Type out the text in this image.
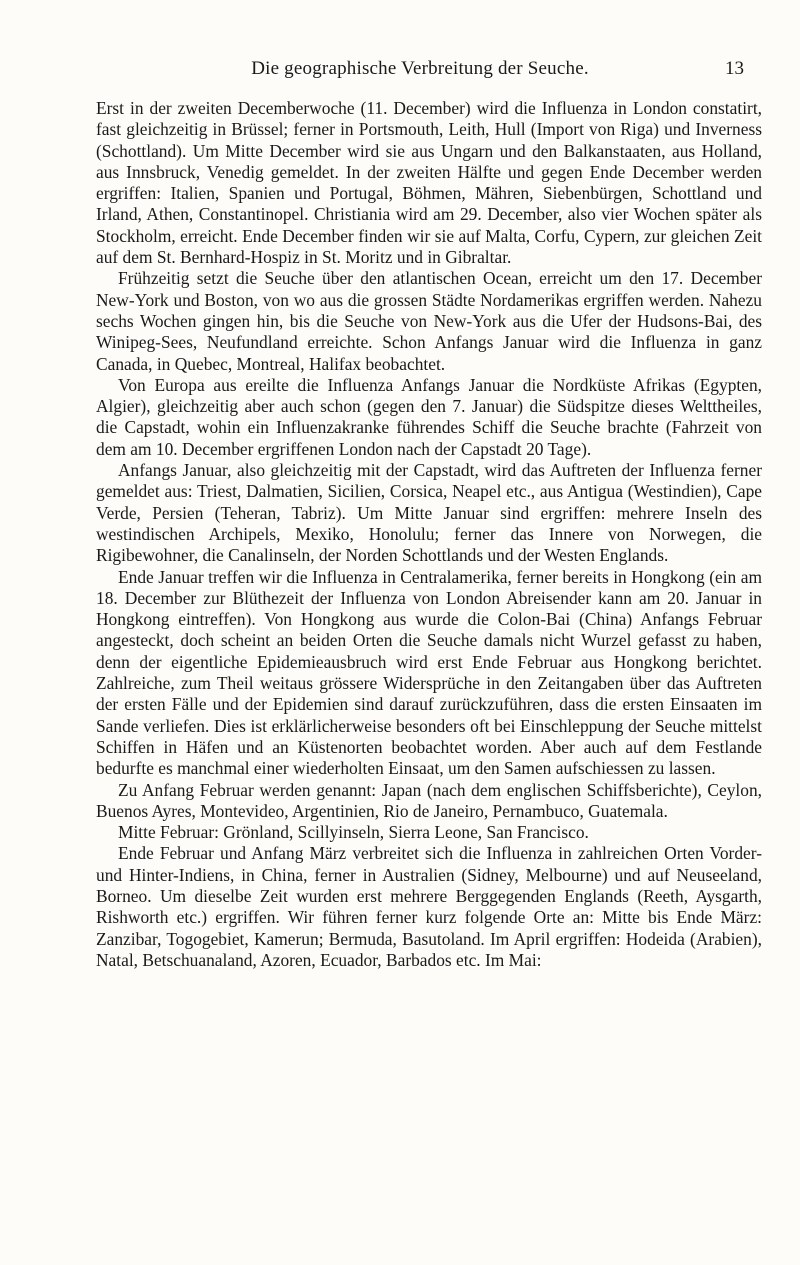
Die geographische Verbreitung der Seuche.	13

Erst in der zweiten Decemberwoche (11. December) wird die Influenza in London constatirt, fast gleichzeitig in Brüssel; ferner in Portsmouth, Leith, Hull (Import von Riga) und Inverness (Schottland). Um Mitte December wird sie aus Ungarn und den Balkanstaaten, aus Holland, aus Innsbruck, Venedig gemeldet. In der zweiten Hälfte und gegen Ende December werden ergriffen: Italien, Spanien und Portugal, Böhmen, Mähren, Siebenbürgen, Schottland und Irland, Athen, Constantinopel. Christiania wird am 29. December, also vier Wochen später als Stockholm, erreicht. Ende December finden wir sie auf Malta, Corfu, Cypern, zur gleichen Zeit auf dem St. Bernhard-Hospiz in St. Moritz und in Gibraltar.

Frühzeitig setzt die Seuche über den atlantischen Ocean, erreicht um den 17. December New-York und Boston, von wo aus die grossen Städte Nordamerikas ergriffen werden. Nahezu sechs Wochen gingen hin, bis die Seuche von New-York aus die Ufer der Hudsons-Bai, des Winipeg-Sees, Neufundland erreichte. Schon Anfangs Januar wird die Influenza in ganz Canada, in Quebec, Montreal, Halifax beobachtet.

Von Europa aus ereilte die Influenza Anfangs Januar die Nordküste Afrikas (Egypten, Algier), gleichzeitig aber auch schon (gegen den 7. Januar) die Südspitze dieses Welttheiles, die Capstadt, wohin ein Influenzakranke führendes Schiff die Seuche brachte (Fahrzeit von dem am 10. December ergriffenen London nach der Capstadt 20 Tage).

Anfangs Januar, also gleichzeitig mit der Capstadt, wird das Auftreten der Influenza ferner gemeldet aus: Triest, Dalmatien, Sicilien, Corsica, Neapel etc., aus Antigua (Westindien), Cape Verde, Persien (Teheran, Tabriz). Um Mitte Januar sind ergriffen: mehrere Inseln des westindischen Archipels, Mexiko, Honolulu; ferner das Innere von Norwegen, die Rigibewohner, die Canalinseln, der Norden Schottlands und der Westen Englands.

Ende Januar treffen wir die Influenza in Centralamerika, ferner bereits in Hongkong (ein am 18. December zur Blüthezeit der Influenza von London Abreisender kann am 20. Januar in Hongkong eintreffen). Von Hongkong aus wurde die Colon-Bai (China) Anfangs Februar angesteckt, doch scheint an beiden Orten die Seuche damals nicht Wurzel gefasst zu haben, denn der eigentliche Epidemieausbruch wird erst Ende Februar aus Hongkong berichtet. Zahlreiche, zum Theil weitaus grössere Widersprüche in den Zeitangaben über das Auftreten der ersten Fälle und der Epidemien sind darauf zurückzuführen, dass die ersten Einsaaten im Sande verliefen. Dies ist erklärlicherweise besonders oft bei Einschleppung der Seuche mittelst Schiffen in Häfen und an Küstenorten beobachtet worden. Aber auch auf dem Festlande bedurfte es manchmal einer wiederholten Einsaat, um den Samen aufschiessen zu lassen.

Zu Anfang Februar werden genannt: Japan (nach dem englischen Schiffsberichte), Ceylon, Buenos Ayres, Montevideo, Argentinien, Rio de Janeiro, Pernambuco, Guatemala.

Mitte Februar: Grönland, Scillyinseln, Sierra Leone, San Francisco.

Ende Februar und Anfang März verbreitet sich die Influenza in zahlreichen Orten Vorder- und Hinter-Indiens, in China, ferner in Australien (Sidney, Melbourne) und auf Neuseeland, Borneo. Um dieselbe Zeit wurden erst mehrere Berggegenden Englands (Reeth, Aysgarth, Rishworth etc.) ergriffen. Wir führen ferner kurz folgende Orte an: Mitte bis Ende März: Zanzibar, Togogebiet, Kamerun; Bermuda, Basutoland. Im April ergriffen: Hodeida (Arabien), Natal, Betschuanaland, Azoren, Ecuador, Barbados etc. Im Mai:
